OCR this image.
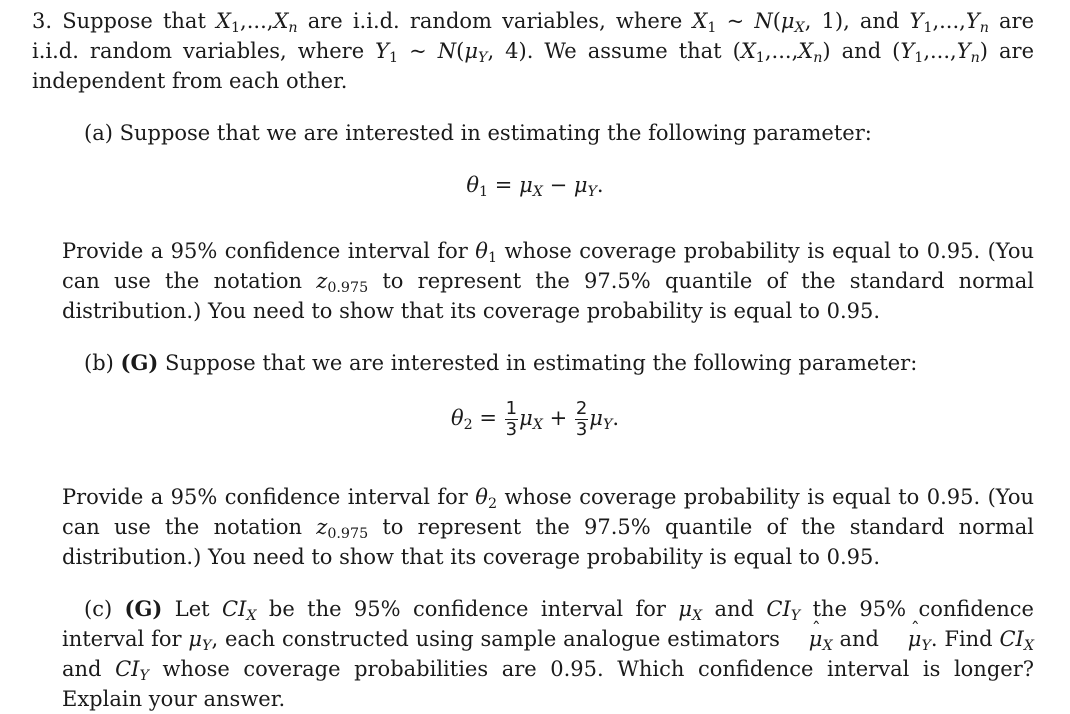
3. Suppose that $X_1,...,X_n$ are i.i.d. random variables, where $X_1$ ~ $N(\mu_X$, 1), and $Y_1,...,Y_n$ are i.i.d. random variables, where $Y_1$ ~ $N(\mu_Y$, 4). We assume that $(X_1,...,X_n)$ and $(Y_1,...,Y_n)$ are independent from each other.

(a) Suppose that we are interested in estimating the following parameter:

$\theta_1 = \mu_X - \mu_Y$.

Provide a 95% confidence interval for $\theta_1$ whose coverage probability is equal to 0.95. (You can use the notation $z_{0.975}$ to represent the 97.5% quantile of the standard normal distribution.) You need to show that its coverage probability is equal to 0.95.

(b) (G) Suppose that we are interested in estimating the following parameter:

$\theta_2 = \frac{1}{3} \mu_X + \frac{2}{3} \mu_Y$.

Provide a 95% confidence interval for $\theta_2$ whose coverage probability is equal to 0.95. (You can use the notation $z_{0.975}$ to represent the 97.5% quantile of the standard normal distribution.) You need to show that its coverage probability is equal to 0.95.

(c) (G) Let $CI_X$ be the 95% confidence interval for $\mu_X$ and $CI_Y$ the 95% confidence interval for $\mu_Y$, each constructed using sample analogue estimators ˆ $\mu_X$ and ˆ $\mu_Y$. Find $CI_X$ and $CI_Y$ whose coverage probabilities are 0.95. Which confidence interval is longer? Explain your answer.
